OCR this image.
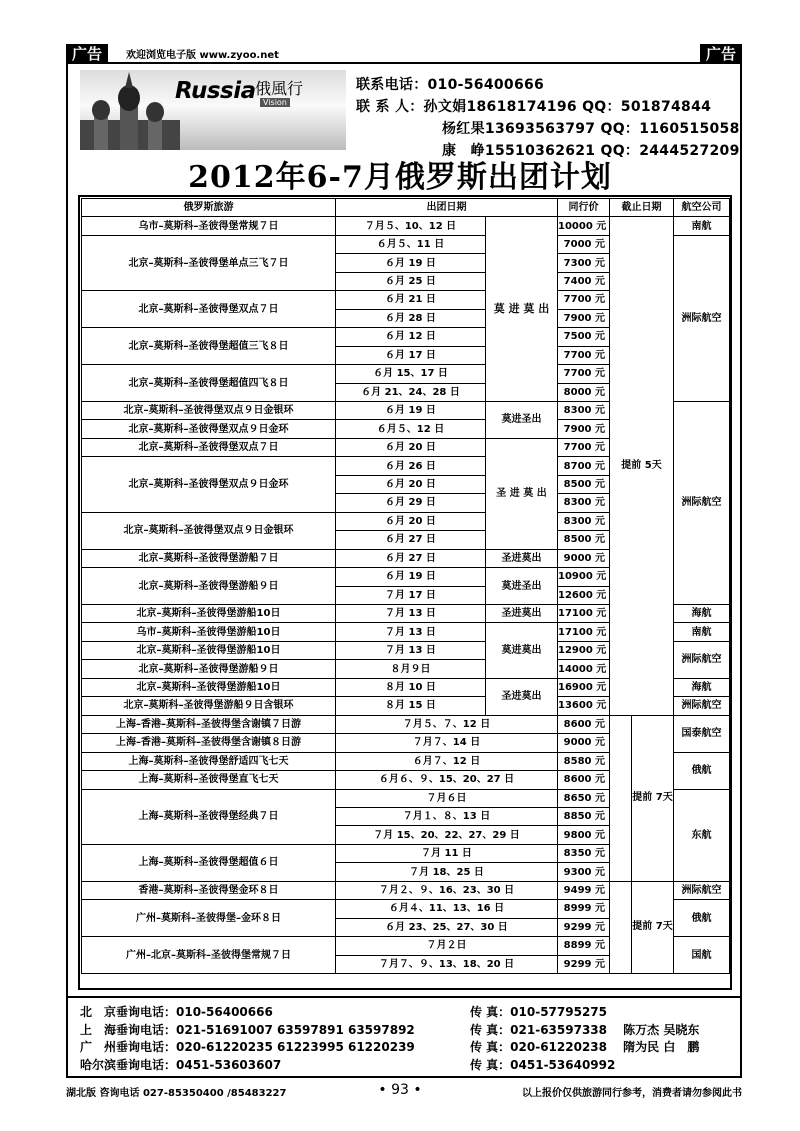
广告	欢迎浏览电子版 www.zyoo.net	广告
Russia 俄風行
Vision
联系电话：010-56400666
联 系 人：孙文娟18618174196 QQ：501874844
杨红果13693563797 QQ：1160515058
康　峥15510362621 QQ：2444527209
2012年6-7月俄罗斯出团计划
俄罗斯旅游	出团日期		同行价	截止日期		航空公司
乌市–莫斯科–圣彼得堡常规７日	７月５、10、12 日	莫 进 莫 出	10000 元	提前 5天		南航
北京–莫斯科–圣彼得堡单点三飞７日	６月５、11 日		7000 元			洲际航空
	６月 19 日		7300 元			
	６月 25 日		7400 元			
北京–莫斯科–圣彼得堡双点７日	６月 21 日		7700 元			
	６月 28 日		7900 元			
北京–莫斯科–圣彼得堡超值三飞８日	６月 12 日		7500 元			
	６月 17 日		7700 元			
北京–莫斯科–圣彼得堡超值四飞８日	６月 15、17 日		7700 元			
	６月 21、24、28 日		8000 元			
北京–莫斯科–圣彼得堡双点９日金银环	６月 19 日	莫进圣出	8300 元			洲际航空
北京–莫斯科–圣彼得堡双点９日金环	６月５、12 日		7900 元			
北京–莫斯科–圣彼得堡双点７日	６月 20 日	圣 进 莫 出	7700 元			
北京–莫斯科–圣彼得堡双点９日金环	６月 26 日		8700 元			
	６月 20 日		8500 元			
	６月 29 日		8300 元			
北京–莫斯科–圣彼得堡双点９日金银环	６月 20 日		8300 元			
	６月 27 日		8500 元			
北京–莫斯科–圣彼得堡游船７日	６月 27 日	圣进莫出	9000 元			
北京–莫斯科–圣彼得堡游船９日	６月 19 日	莫进圣出	10900 元			
	７月 17 日		12600 元			
北京–莫斯科–圣彼得堡游船10日	７月 13 日	圣进莫出	17100 元			海航
乌市–莫斯科–圣彼得堡游船10日	７月 13 日	莫进莫出	17100 元			南航
北京–莫斯科–圣彼得堡游船10日	７月 13 日		12900 元			洲际航空
北京–莫斯科–圣彼得堡游船９日	８月９日		14000 元			
北京–莫斯科–圣彼得堡游船10日	８月 10 日	圣进莫出	16900 元			海航
北京–莫斯科–圣彼得堡游船９日含银环	８月 15 日		13600 元			洲际航空
上海–香港–莫斯科–圣彼得堡含谢镇７日游	７月５、７、12 日		8600 元		提前 7天	国泰航空
上海–香港–莫斯科–圣彼得堡含谢镇８日游	７月７、14 日		9000 元			
上海–莫斯科–圣彼得堡舒适四飞七天	６月７、12 日		8580 元			俄航
上海–莫斯科–圣彼得堡直飞七天	６月６、９、15、20、27 日		8600 元			
上海–莫斯科–圣彼得堡经典７日	７月６日		8650 元			东航
	７月１、８、13 日		8850 元			
	７月 15、20、22、27、29 日		9800 元			
上海–莫斯科–圣彼得堡超值６日	７月 11 日		8350 元			
	７月 18、25 日		9300 元			
香港–莫斯科–圣彼得堡金环８日	７月２、９、16、23、30 日		9499 元		提前 7天	洲际航空
广州–莫斯科–圣彼得堡–金环８日	６月４、11、13、16 日		8999 元			俄航
	６月 23、25、27、30 日		9299 元			
广州–北京–莫斯科–圣彼得堡常规７日	７月２日		8899 元			国航
	７月７、９、13、18、20 日		9299 元			
北　京垂询电话：010-56400666	传 真：010-57795275
上　海垂询电话：021-51691007 63597891 63597892	传 真：021-63597338　 陈万杰 吴晓东
广　州垂询电话：020-61220235 61223995 61220239	传 真：020-61220238　 隋为民 白　鹏
哈尔滨垂询电话：0451-53603607	传 真：0451-53640992
湖北版 咨询电话 027-85350400 /85483227	• 93 •	以上报价仅供旅游同行参考，消费者请勿参阅此书
